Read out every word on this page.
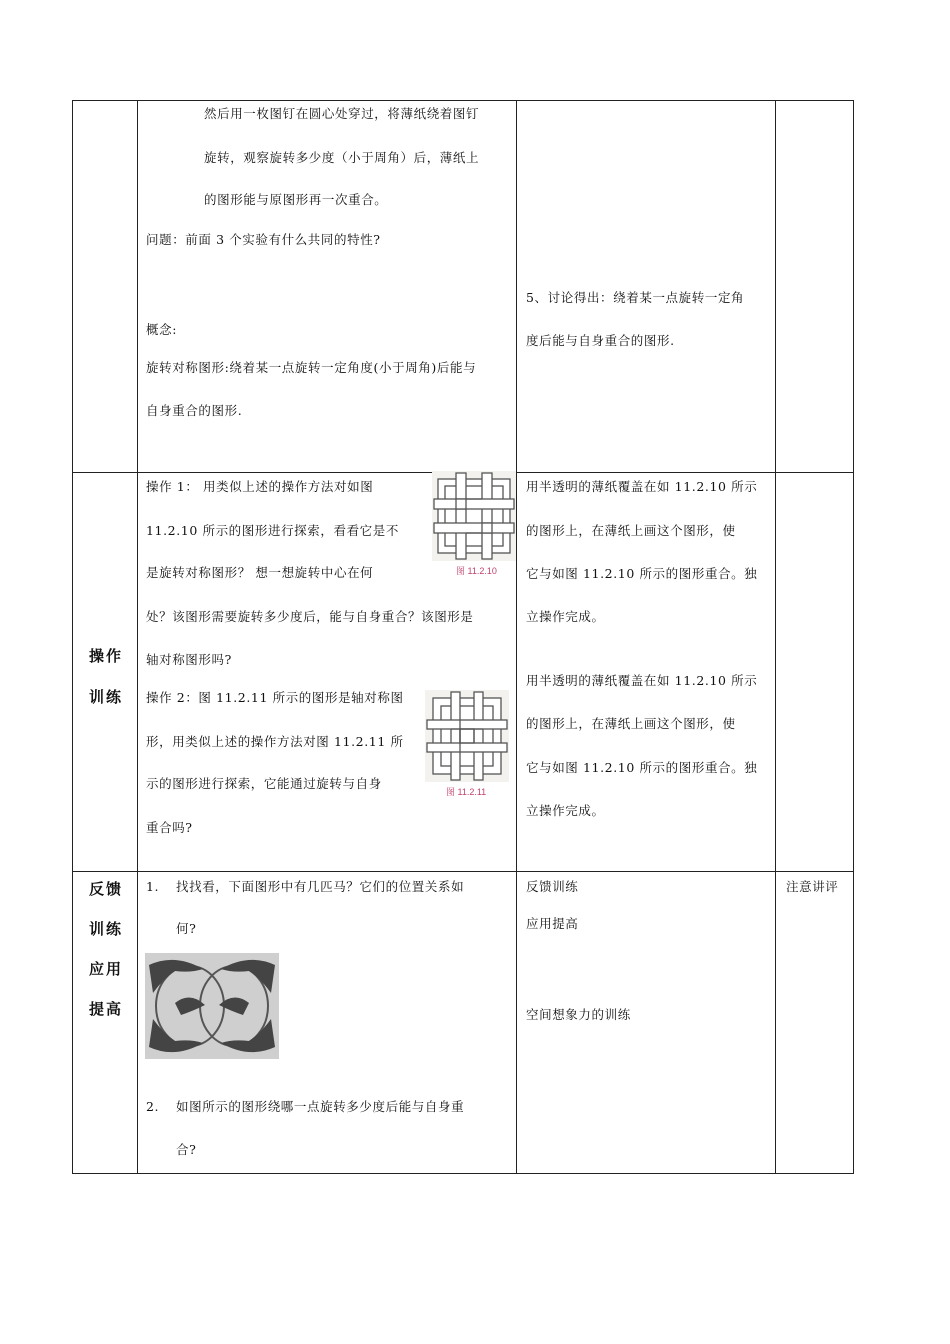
然后用一枚图钉在圆心处穿过，将薄纸绕着图钉
旋转，观察旋转多少度（小于周角）后，薄纸上
的图形能与原图形再一次重合。
问题：前面 3 个实验有什么共同的特性?
概念:
旋转对称图形:绕着某一点旋转一定角度(小于周角)后能与
自身重合的图形.
5、讨论得出：绕着某一点旋转一定角
度后能与自身重合的图形.
操作
训练
操作 1： 用类似上述的操作方法对如图
11.2.10 所示的图形进行探索，看看它是不
是旋转对称图形？ 想一想旋转中心在何
处？该图形需要旋转多少度后，能与自身重合？该图形是
轴对称图形吗?
操作 2：图 11.2.11 所示的图形是轴对称图
形，用类似上述的操作方法对图 11.2.11 所
示的图形进行探索，它能通过旋转与自身
重合吗?
图 11.2.10
图 11.2.11
用半透明的薄纸覆盖在如 11.2.10 所示
的图形上，在薄纸上画这个图形，使
它与如图 11.2.10 所示的图形重合。独
立操作完成。
用半透明的薄纸覆盖在如 11.2.10 所示
的图形上，在薄纸上画这个图形，使
它与如图 11.2.10 所示的图形重合。独
立操作完成。
反馈
训练
应用
提高
1. 找找看，下面图形中有几匹马？它们的位置关系如
何?
2. 如图所示的图形绕哪一点旋转多少度后能与自身重
合?
反馈训练
应用提高
空间想象力的训练
注意讲评
